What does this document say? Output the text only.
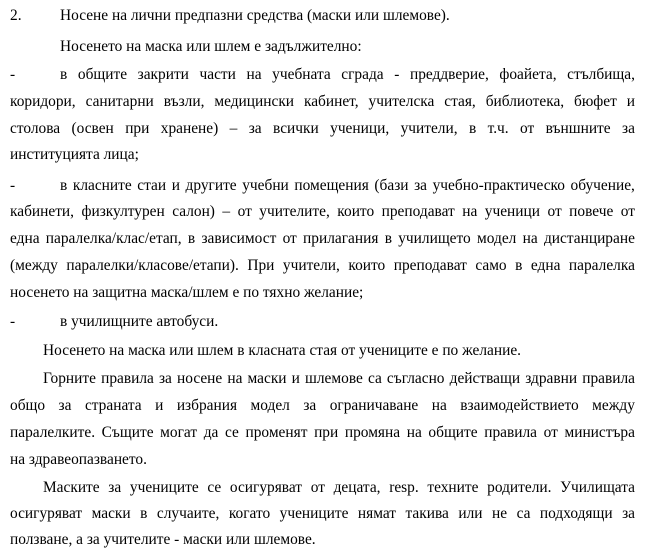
2. Носене на лични предпазни средства (маски или шлемове).
Носенето на маска или шлем е задължително:
-	в общите закрити части на учебната сграда - преддверие, фоайета, стълбища,
коридори, санитарни възли, медицински кабинет, учителска стая, библиотека, бюфет и
столова (освен при хранене) – за всички ученици, учители, в т.ч. от външните за
институцията лица;
-	в класните стаи и другите учебни помещения (бази за учебно-практическо обучение,
кабинети, физкултурен салон) – от учителите, които преподават на ученици от повече от
една паралелка/клас/етап, в зависимост от прилагания в училището модел на дистанциране
(между паралелки/класове/етапи). При учители, които преподават само в една паралелка
носенето на защитна маска/шлем е по тяхно желание;
-	в училищните автобуси.
Носенето на маска или шлем в класната стая от учениците е по желание.
Горните правила за носене на маски и шлемове са съгласно действащи здравни правила
общо за страната и избрания модел за ограничаване на взаимодействието между
паралелките. Същите могат да се променят при промяна на общите правила от министъра
на здравеопазването.
Маските за учениците се осигуряват от децата, resp. техните родители. Училищата
осигуряват маски в случаите, когато учениците нямат такива или не са подходящи за
ползване, а за учителите - маски или шлемове.
